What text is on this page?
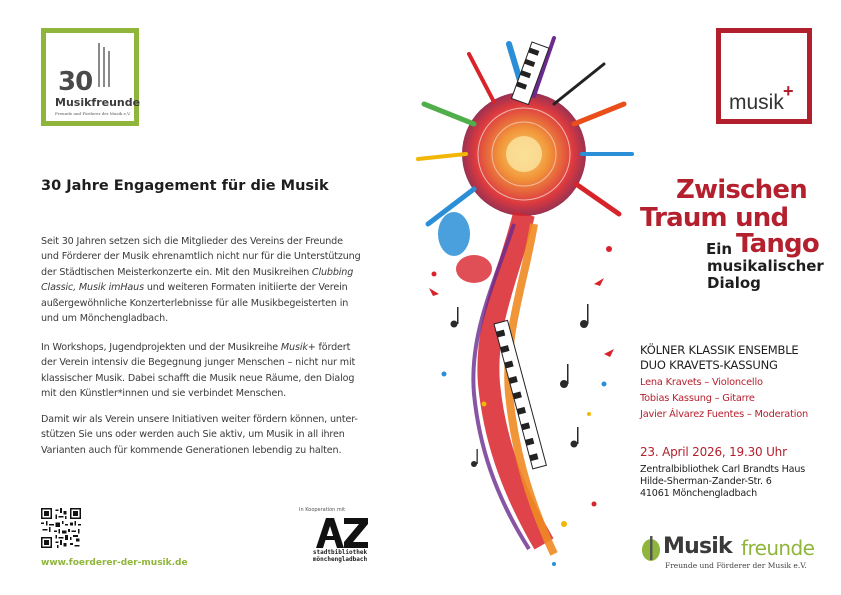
30
Musikfreunde
Freunde und Förderer der Musik e.V.
30 Jahre Engagement für die Musik
Seit 30 Jahren setzen sich die Mitglieder des Vereins der Freunde
und Förderer der Musik ehrenamtlich nicht nur für die Unterstützung
der Städtischen Meisterkonzerte ein. Mit den Musikreihen Clubbing
Classic, Musik imHaus und weiteren Formaten initiierte der Verein
außergewöhnliche Konzerterlebnisse für alle Musikbegeisterten in
und um Mönchengladbach.
In Workshops, Jugendprojekten und der Musikreihe Musik+ fördert
der Verein intensiv die Begegnung junger Menschen – nicht nur mit
klassischer Musik. Dabei schafft die Musik neue Räume, den Dialog
mit den Künstler*innen und sie verbindet Menschen.
Damit wir als Verein unsere Initiativen weiter fördern können, unter-
stützen Sie uns oder werden auch Sie aktiv, um Musik in all ihren
Varianten auch für kommende Generationen lebendig zu halten.
www.foerderer-der-musik.de
In Kooperation mit
stadtbibliothek
mönchengladbach
musik +
Zwischen
Traum und
Ein Tango
musikalischer
Dialog
KÖLNER KLASSIK ENSEMBLE
DUO KRAVETS-KASSUNG
Lena Kravets – Violoncello
Tobias Kassung – Gitarre
Javier Álvarez Fuentes – Moderation
23. April 2026, 19.30 Uhr
Zentralbibliothek Carl Brandts Haus
Hilde-Sherman-Zander-Str. 6
41061 Mönchengladbach
Musik freunde
Freunde und Förderer der Musik e.V.
